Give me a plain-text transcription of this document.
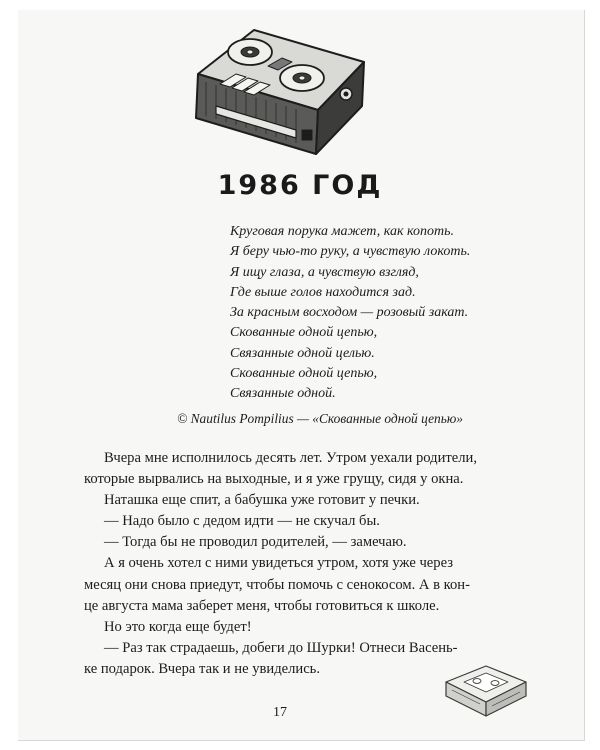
1986 ГОД
Круговая порука мажет, как копоть.
Я беру чью-то руку, а чувствую локоть.
Я ищу глаза, а чувствую взгляд,
Где выше голов находится зад.
За красным восходом — розовый закат.
Скованные одной цепью,
Связанные одной целью.
Скованные одной цепью,
Связанные одной.
© Nautilus Pompilius — «Скованные одной цепью»
Вчера мне исполнилось десять лет. Утром уехали родители,
которые вырвались на выходные, и я уже грущу, сидя у окна.
Наташка еще спит, а бабушка уже готовит у печки.
— Надо было с дедом идти — не скучал бы.
— Тогда бы не проводил родителей, — замечаю.
А я очень хотел с ними увидеться утром, хотя уже через
месяц они снова приедут, чтобы помочь с сенокосом. А в кон-
це августа мама заберет меня, чтобы готовиться к школе.
Но это когда еще будет!
— Раз так страдаешь, добеги до Шурки! Отнеси Васень-
ке подарок. Вчера так и не увиделись.
17
